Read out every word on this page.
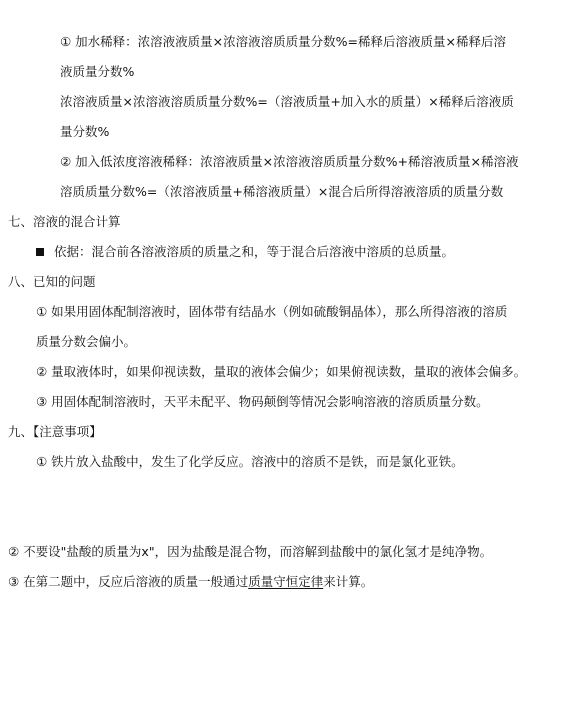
① 加水稀释：浓溶液液质量×浓溶液溶质质量分数%=稀释后溶液质量×稀释后溶
液质量分数%
浓溶液质量×浓溶液溶质质量分数%=（溶液质量+加入水的质量）×稀释后溶液质
量分数%
② 加入低浓度溶液稀释：浓溶液质量×浓溶液溶质质量分数%+稀溶液质量×稀溶液
溶质质量分数%=（浓溶液质量+稀溶液质量）×混合后所得溶液溶质的质量分数
七、溶液的混合计算
依据：混合前各溶液溶质的质量之和，等于混合后溶液中溶质的总质量。
八、已知的问题
① 如果用固体配制溶液时，固体带有结晶水（例如硫酸铜晶体），那么所得溶液的溶质
质量分数会偏小。
② 量取液体时，如果仰视读数，量取的液体会偏少；如果俯视读数，量取的液体会偏多。
③ 用固体配制溶液时，天平未配平、物码颠倒等情况会影响溶液的溶质质量分数。
九、【注意事项】
① 铁片放入盐酸中，发生了化学反应。溶液中的溶质不是铁，而是氯化亚铁。
② 不要设"盐酸的质量为x"，因为盐酸是混合物，而溶解到盐酸中的氯化氢才是纯净物。
③ 在第二题中，反应后溶液的质量一般通过质量守恒定律来计算。
